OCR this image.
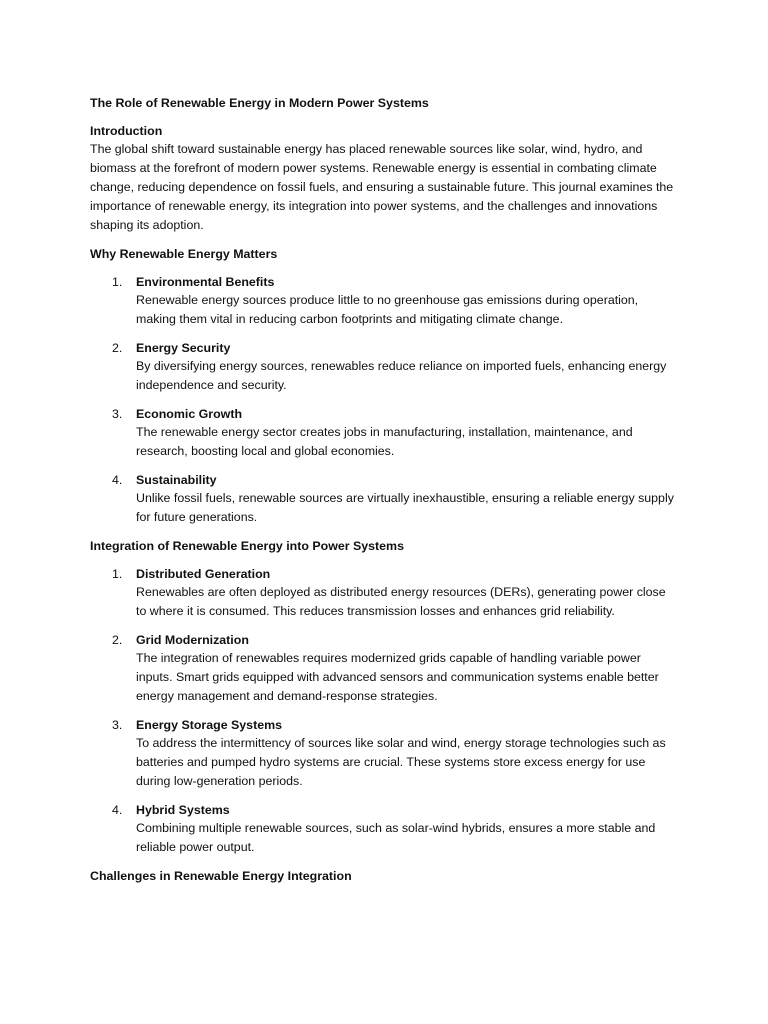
The Role of Renewable Energy in Modern Power Systems

Introduction

The global shift toward sustainable energy has placed renewable sources like solar, wind, hydro, and biomass at the forefront of modern power systems. Renewable energy is essential in combating climate change, reducing dependence on fossil fuels, and ensuring a sustainable future. This journal examines the importance of renewable energy, its integration into power systems, and the challenges and innovations shaping its adoption.

Why Renewable Energy Matters

1. Environmental Benefits
Renewable energy sources produce little to no greenhouse gas emissions during operation, making them vital in reducing carbon footprints and mitigating climate change.
2. Energy Security
By diversifying energy sources, renewables reduce reliance on imported fuels, enhancing energy independence and security.
3. Economic Growth
The renewable energy sector creates jobs in manufacturing, installation, maintenance, and research, boosting local and global economies.
4. Sustainability
Unlike fossil fuels, renewable sources are virtually inexhaustible, ensuring a reliable energy supply for future generations.

Integration of Renewable Energy into Power Systems

1. Distributed Generation
Renewables are often deployed as distributed energy resources (DERs), generating power close to where it is consumed. This reduces transmission losses and enhances grid reliability.
2. Grid Modernization
The integration of renewables requires modernized grids capable of handling variable power inputs. Smart grids equipped with advanced sensors and communication systems enable better energy management and demand-response strategies.
3. Energy Storage Systems
To address the intermittency of sources like solar and wind, energy storage technologies such as batteries and pumped hydro systems are crucial. These systems store excess energy for use during low-generation periods.
4. Hybrid Systems
Combining multiple renewable sources, such as solar-wind hybrids, ensures a more stable and reliable power output.

Challenges in Renewable Energy Integration
